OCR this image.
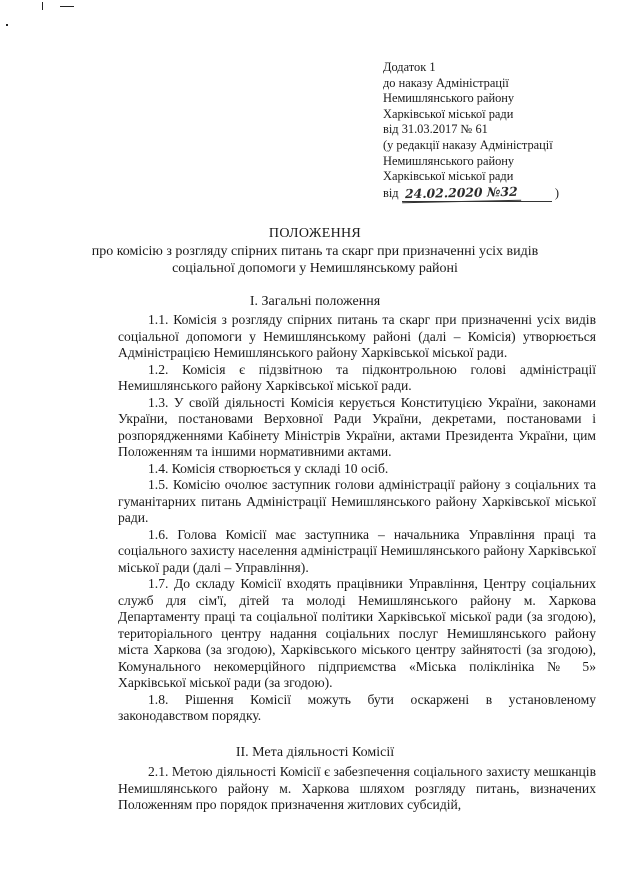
Додаток 1
до наказу Адміністрації
Немишлянського району
Харківської міської ради
від 31.03.2017 № 61
(у редакції наказу Адміністрації
Немишлянського району
Харківської міської ради
від 24.02.2020 №32	)
ПОЛОЖЕННЯ
про комісію з розгляду спірних питань та скарг при призначенні усіх видів соціальної допомоги у Немишлянському районі
І. Загальні положення

1.1. Комісія з розгляду спірних питань та скарг при призначенні усіх видів соціальної допомоги у Немишлянському районі (далі – Комісія) утворюється Адміністрацією Немишлянського району Харківської міської ради.

1.2. Комісія є підзвітною та підконтрольною голові адміністрації Немишлянського району Харківської міської ради.

1.3. У своїй діяльності Комісія керується Конституцією України, законами України, постановами Верховної Ради України, декретами, постановами і розпорядженнями Кабінету Міністрів України, актами Президента України, цим Положенням та іншими нормативними актами.

1.4. Комісія створюється у складі 10 осіб.

1.5. Комісію очолює заступник голови адміністрації району з соціальних та гуманітарних питань Адміністрації Немишлянського району Харківської міської ради.

1.6. Голова Комісії має заступника – начальника Управління праці та соціального захисту населення адміністрації Немишлянського району Харківської міської ради (далі – Управління).

1.7. До складу Комісії входять працівники Управління, Центру соціальних служб для сім'ї, дітей та молоді Немишлянського району м. Харкова Департаменту праці та соціальної політики Харківської міської ради (за згодою), територіального центру надання соціальних послуг Немишлянського району міста Харкова (за згодою), Харківського міського центру зайнятості (за згодою), Комунального некомерційного підприємства «Міська поліклініка № 5» Харківської міської ради (за згодою).

1.8. Рішення Комісії можуть бути оскаржені в установленому законодавством порядку.

ІІ. Мета діяльності Комісії

2.1. Метою діяльності Комісії є забезпечення соціального захисту мешканців Немишлянського району м. Харкова шляхом розгляду питань, визначених Положенням про порядок призначення житлових субсидій,
